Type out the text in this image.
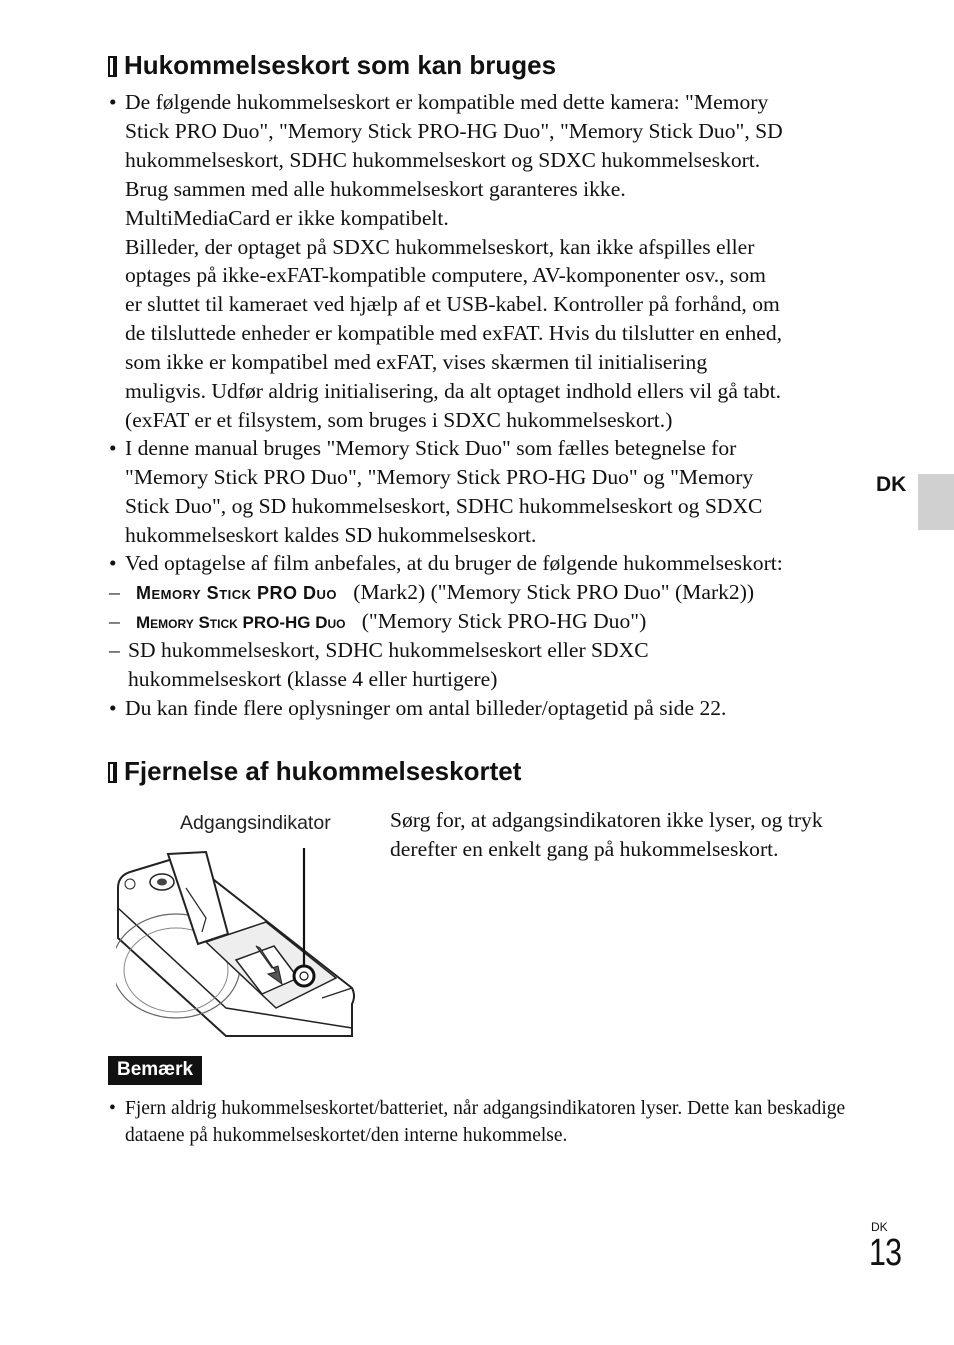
Hukommelseskort som kan bruges
• De følgende hukommelseskort er kompatible med dette kamera: "Memory
Stick PRO Duo", "Memory Stick PRO-HG Duo", "Memory Stick Duo", SD
hukommelseskort, SDHC hukommelseskort og SDXC hukommelseskort.
Brug sammen med alle hukommelseskort garanteres ikke.
MultiMediaCard er ikke kompatibelt.
Billeder, der optaget på SDXC hukommelseskort, kan ikke afspilles eller
optages på ikke-exFAT-kompatible computere, AV-komponenter osv., som
er sluttet til kameraet ved hjælp af et USB-kabel. Kontroller på forhånd, om
de tilsluttede enheder er kompatible med exFAT. Hvis du tilslutter en enhed,
som ikke er kompatibel med exFAT, vises skærmen til initialisering
muligvis. Udfør aldrig initialisering, da alt optaget indhold ellers vil gå tabt.
(exFAT er et filsystem, som bruges i SDXC hukommelseskort.)
• I denne manual bruges "Memory Stick Duo" som fælles betegnelse for
"Memory Stick PRO Duo", "Memory Stick PRO-HG Duo" og "Memory
Stick Duo", og SD hukommelseskort, SDHC hukommelseskort og SDXC
hukommelseskort kaldes SD hukommelseskort.
• Ved optagelse af film anbefales, at du bruger de følgende hukommelseskort:
–   Memory Stick PRO Duo (Mark2) ("Memory Stick PRO Duo" (Mark2))
–   Memory Stick PRO-HG Duo ("Memory Stick PRO-HG Duo")
– SD hukommelseskort, SDHC hukommelseskort eller SDXC
hukommelseskort (klasse 4 eller hurtigere)
• Du kan finde flere oplysninger om antal billeder/optagetid på side 22.
DK
Fjernelse af hukommelseskortet
Adgangsindikator	Sørg for, at adgangsindikatoren ikke lyser, og tryk derefter en enkelt gang på hukommelseskort.
Bemærk
• Fjern aldrig hukommelseskortet/batteriet, når adgangsindikatoren lyser. Dette kan beskadige dataene på hukommelseskortet/den interne hukommelse.
DK
13
